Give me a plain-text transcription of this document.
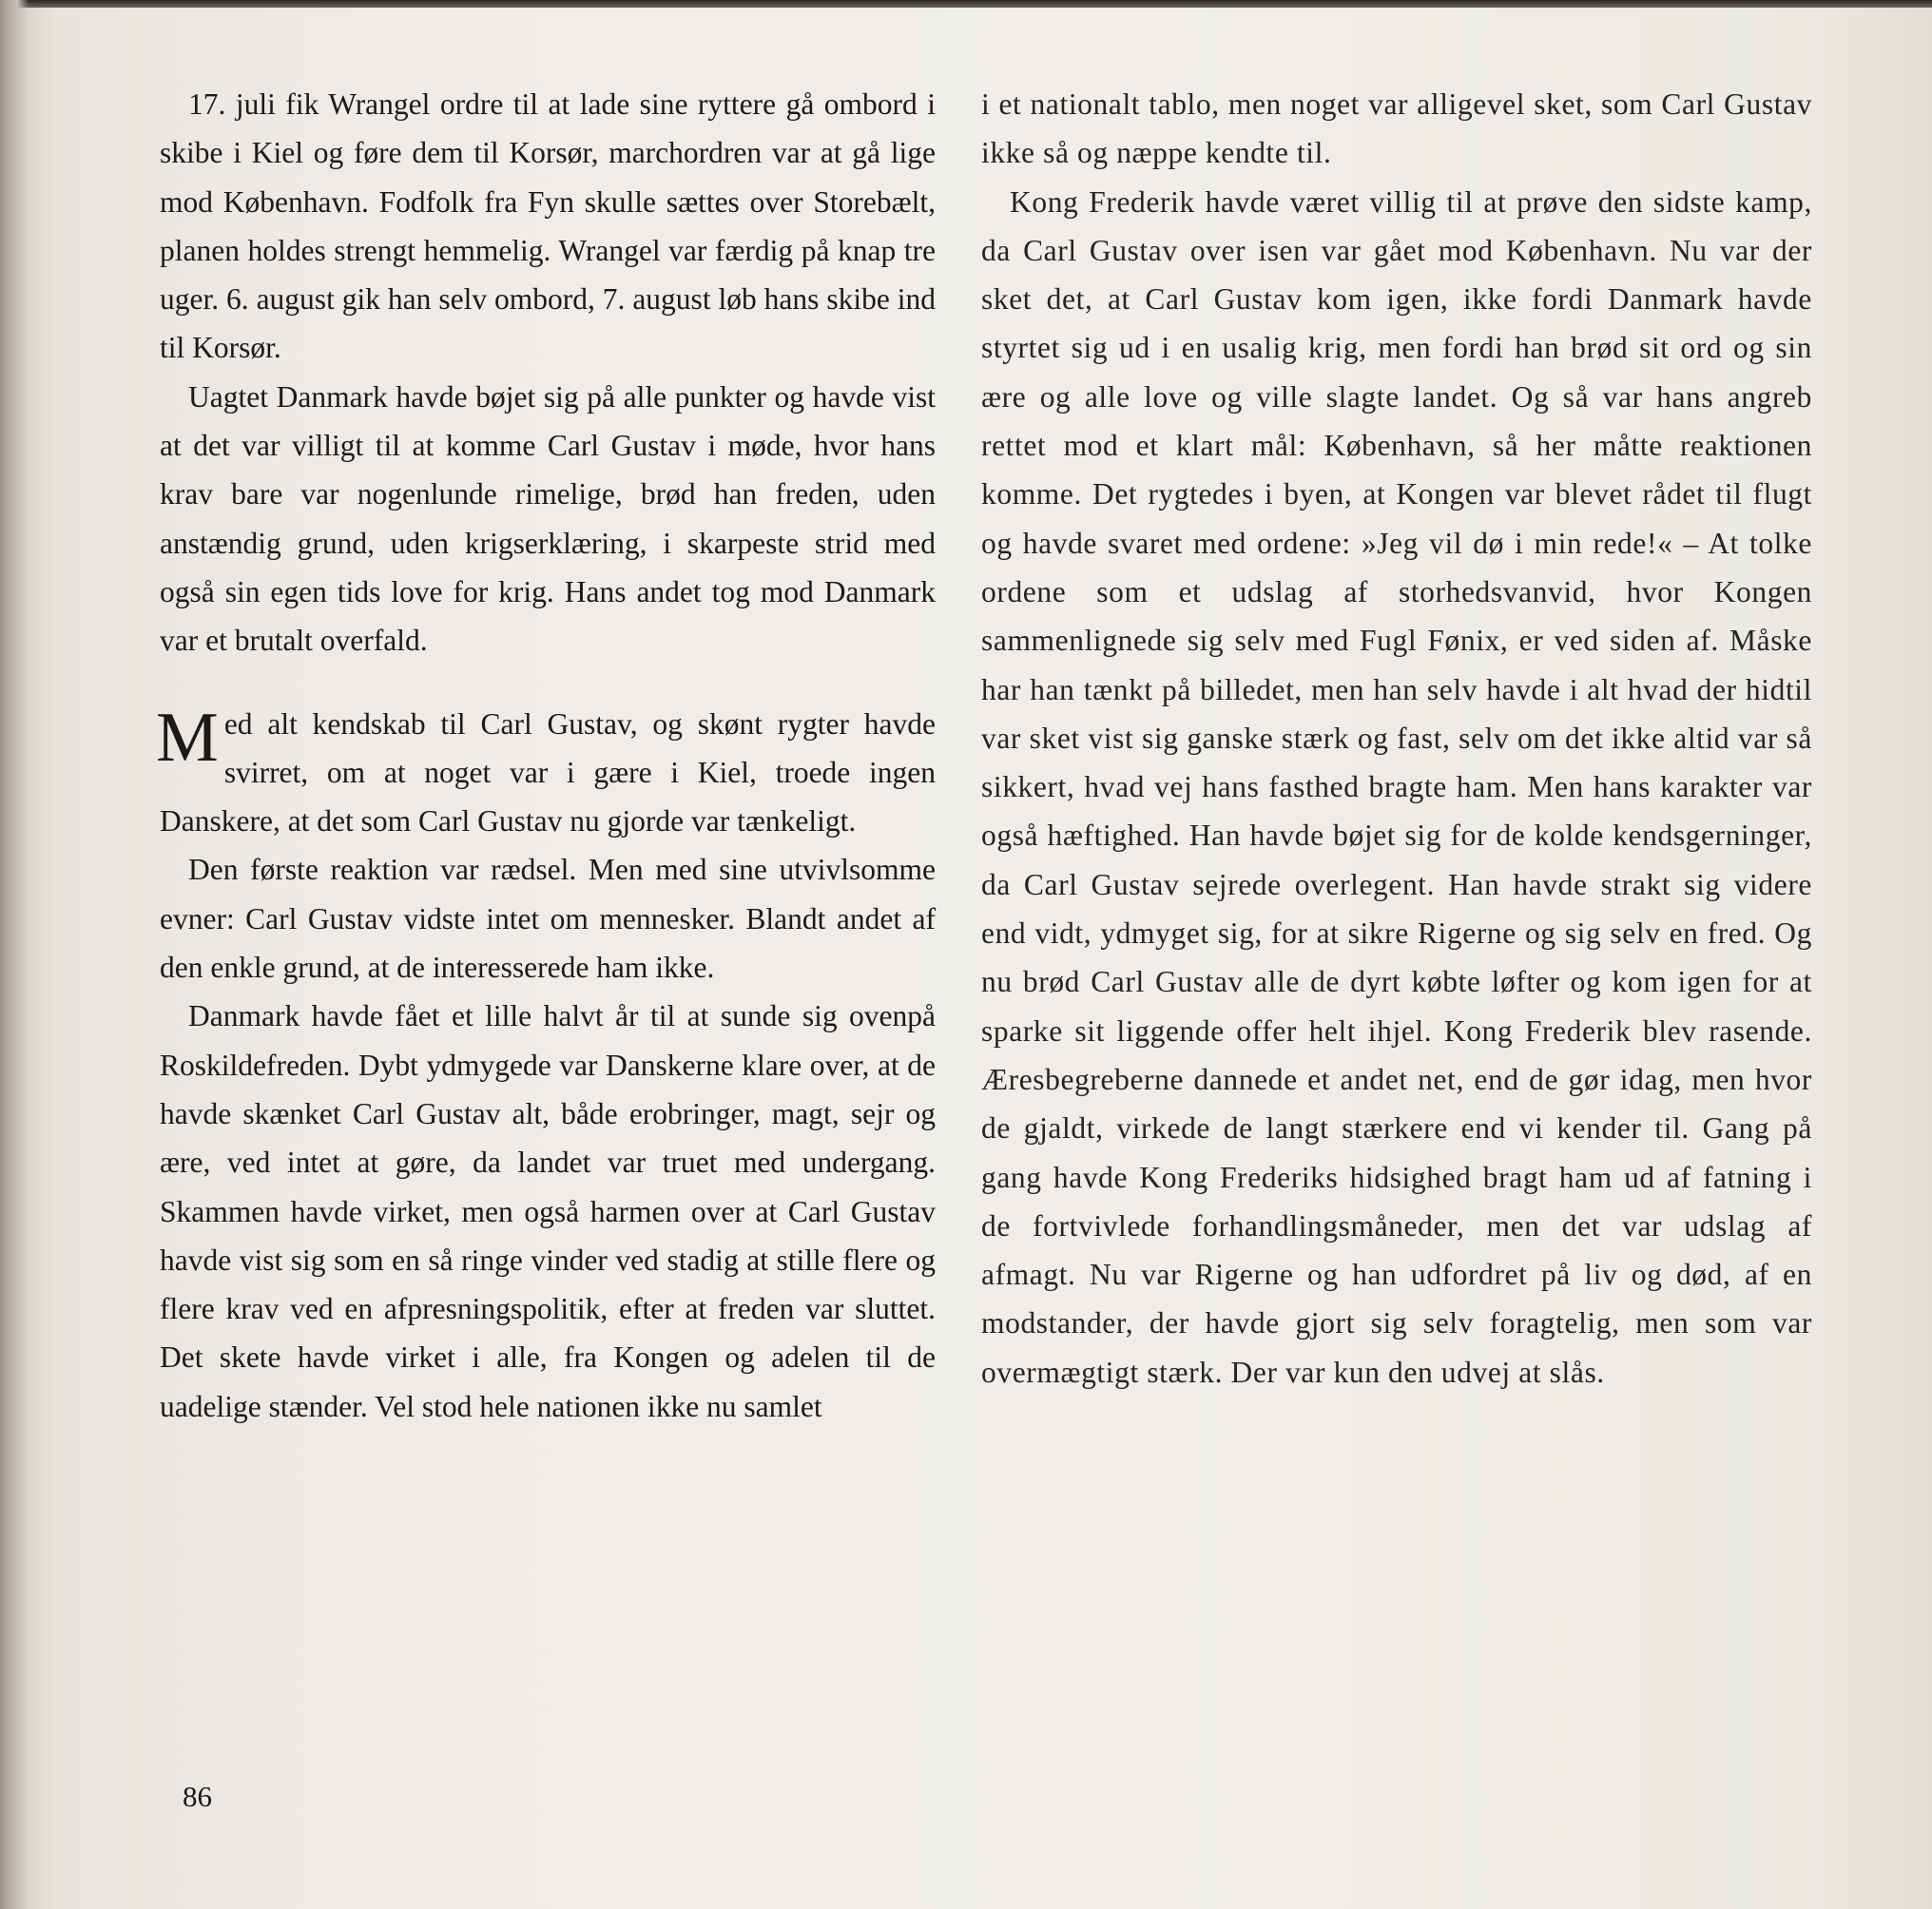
17. juli fik Wrangel ordre til at lade sine ryttere gå ombord i skibe i Kiel og føre dem til Korsør, marchordren var at gå lige mod København. Fodfolk fra Fyn skulle sættes over Storebælt, planen holdes strengt hemmelig. Wrangel var færdig på knap tre uger. 6. august gik han selv ombord, 7. august løb hans skibe ind til Korsør.

Uagtet Danmark havde bøjet sig på alle punkter og havde vist at det var villigt til at komme Carl Gustav i møde, hvor hans krav bare var nogenlunde rimelige, brød han freden, uden anstændig grund, uden krigserklæring, i skarpeste strid med også sin egen tids love for krig. Hans andet tog mod Danmark var et brutalt overfald.

Med alt kendskab til Carl Gustav, og skønt rygter havde svirret, om at noget var i gære i Kiel, troede ingen Danskere, at det som Carl Gustav nu gjorde var tænkeligt.

Den første reaktion var rædsel. Men med sine utvivlsomme evner: Carl Gustav vidste intet om mennesker. Blandt andet af den enkle grund, at de interesserede ham ikke.

Danmark havde fået et lille halvt år til at sunde sig ovenpå Roskildefreden. Dybt ydmygede var Danskerne klare over, at de havde skænket Carl Gustav alt, både erobringer, magt, sejr og ære, ved intet at gøre, da landet var truet med undergang. Skammen havde virket, men også harmen over at Carl Gustav havde vist sig som en så ringe vinder ved stadig at stille flere og flere krav ved en afpresningspolitik, efter at freden var sluttet. Det skete havde virket i alle, fra Kongen og adelen til de uadelige stænder. Vel stod hele nationen ikke nu samlet

i et nationalt tablo, men noget var alligevel sket, som Carl Gustav ikke så og næppe kendte til.

Kong Frederik havde været villig til at prøve den sidste kamp, da Carl Gustav over isen var gået mod København. Nu var der sket det, at Carl Gustav kom igen, ikke fordi Danmark havde styrtet sig ud i en usalig krig, men fordi han brød sit ord og sin ære og alle love og ville slagte landet. Og så var hans angreb rettet mod et klart mål: København, så her måtte reaktionen komme. Det rygtedes i byen, at Kongen var blevet rådet til flugt og havde svaret med ordene: »Jeg vil dø i min rede!« – At tolke ordene som et udslag af storhedsvanvid, hvor Kongen sammenlignede sig selv med Fugl Fønix, er ved siden af. Måske har han tænkt på billedet, men han selv havde i alt hvad der hidtil var sket vist sig ganske stærk og fast, selv om det ikke altid var så sikkert, hvad vej hans fasthed bragte ham. Men hans karakter var også hæftighed. Han havde bøjet sig for de kolde kendsgerninger, da Carl Gustav sejrede overlegent. Han havde strakt sig videre end vidt, ydmyget sig, for at sikre Rigerne og sig selv en fred. Og nu brød Carl Gustav alle de dyrt købte løfter og kom igen for at sparke sit liggende offer helt ihjel. Kong Frederik blev rasende. Æresbegreberne dannede et andet net, end de gør idag, men hvor de gjaldt, virkede de langt stærkere end vi kender til. Gang på gang havde Kong Frederiks hidsighed bragt ham ud af fatning i de fortvivlede forhandlingsmåneder, men det var udslag af afmagt. Nu var Rigerne og han udfordret på liv og død, af en modstander, der havde gjort sig selv foragtelig, men som var overmægtigt stærk. Der var kun den udvej at slås.

86
